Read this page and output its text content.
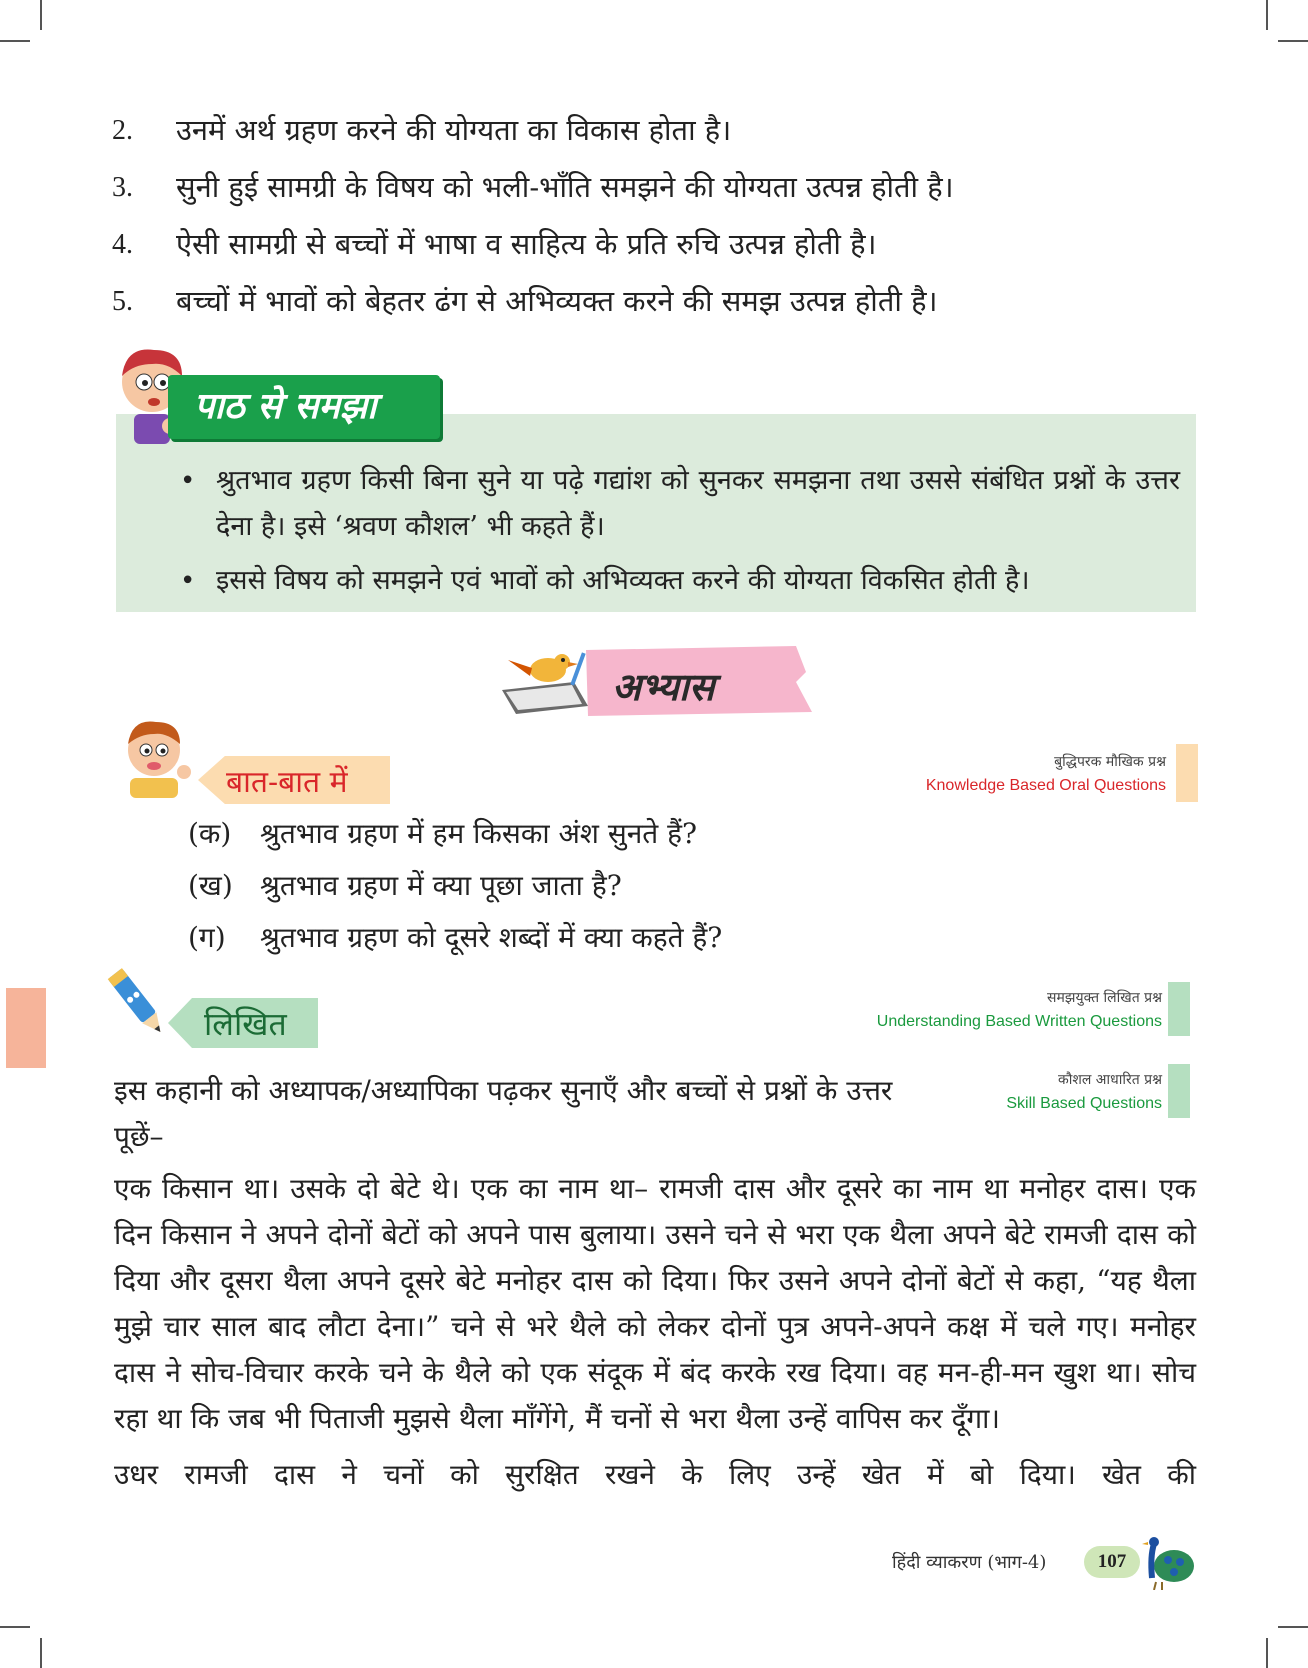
2.	उनमें अर्थ ग्रहण करने की योग्यता का विकास होता है।
3.	सुनी हुई सामग्री के विषय को भली-भाँति समझने की योग्यता उत्पन्न होती है।
4.	ऐसी सामग्री से बच्चों में भाषा व साहित्य के प्रति रुचि उत्पन्न होती है।
5.	बच्चों में भावों को बेहतर ढंग से अभिव्यक्त करने की समझ उत्पन्न होती है।
पाठ से समझा
• श्रुतभाव ग्रहण किसी बिना सुने या पढ़े गद्यांश को सुनकर समझना तथा उससे संबंधित प्रश्नों के उत्तर देना है। इसे ‘श्रवण कौशल’ भी कहते हैं।
• इससे विषय को समझने एवं भावों को अभिव्यक्त करने की योग्यता विकसित होती है।
अभ्यास
बात-बात में
बुद्धिपरक मौखिक प्रश्न
Knowledge Based Oral Questions
(क)	श्रुतभाव ग्रहण में हम किसका अंश सुनते हैं?
(ख) श्रुतभाव ग्रहण में क्या पूछा जाता है?
(ग)	श्रुतभाव ग्रहण को दूसरे शब्दों में क्या कहते हैं?
लिखित
समझयुक्त लिखित प्रश्न
Understanding Based Written Questions
कौशल आधारित प्रश्न
Skill Based Questions
इस कहानी को अध्यापक/अध्यापिका पढ़कर सुनाएँ और बच्चों से प्रश्नों के उत्तर पूछें–

एक किसान था। उसके दो बेटे थे। एक का नाम था– रामजी दास और दूसरे का नाम था मनोहर दास। एक दिन किसान ने अपने दोनों बेटों को अपने पास बुलाया। उसने चने से भरा एक थैला अपने बेटे रामजी दास को दिया और दूसरा थैला अपने दूसरे बेटे मनोहर दास को दिया। फिर उसने अपने दोनों बेटों से कहा, “यह थैला मुझे चार साल बाद लौटा देना।” चने से भरे थैले को लेकर दोनों पुत्र अपने-अपने कक्ष में चले गए। मनोहर दास ने सोच-विचार करके चने के थैले को एक संदूक में बंद करके रख दिया। वह मन-ही-मन खुश था। सोच रहा था कि जब भी पिताजी मुझसे थैला माँगेंगे, मैं चनों से भरा थैला उन्हें वापिस कर दूँगा।

उधर रामजी दास ने चनों को सुरक्षित रखने के लिए उन्हें खेत में बो दिया। खेत की

हिंदी व्याकरण (भाग-4)	107
